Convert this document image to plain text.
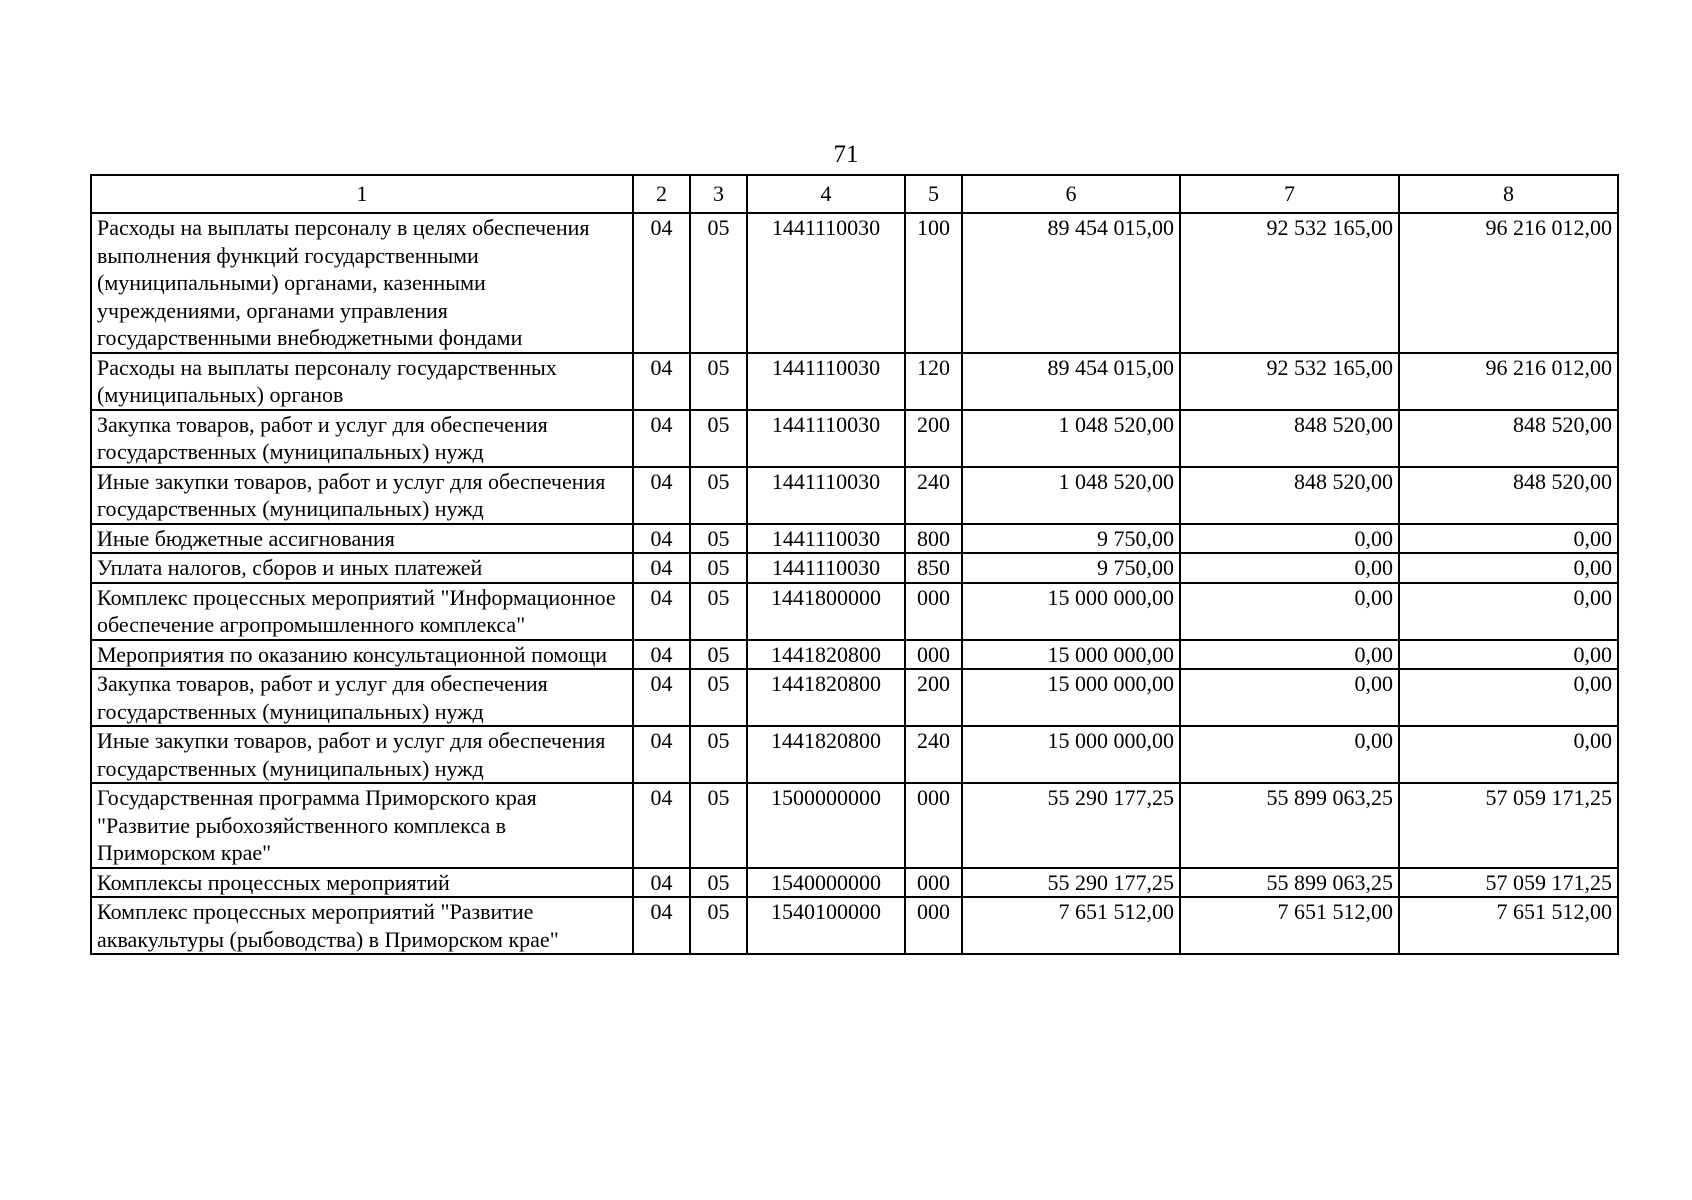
71
1	2	3	4	5	6	7	8
Расходы на выплаты персоналу в целях обеспечения выполнения функций государственными (муниципальными) органами, казенными учреждениями, органами управления государственными внебюджетными фондами	04	05	1441110030	100	89 454 015,00	92 532 165,00	96 216 012,00
Расходы на выплаты персоналу государственных (муниципальных) органов	04	05	1441110030	120	89 454 015,00	92 532 165,00	96 216 012,00
Закупка товаров, работ и услуг для обеспечения государственных (муниципальных) нужд	04	05	1441110030	200	1 048 520,00	848 520,00	848 520,00
Иные закупки товаров, работ и услуг для обеспечения государственных (муниципальных) нужд	04	05	1441110030	240	1 048 520,00	848 520,00	848 520,00
Иные бюджетные ассигнования	04	05	1441110030	800	9 750,00	0,00	0,00
Уплата налогов, сборов и иных платежей	04	05	1441110030	850	9 750,00	0,00	0,00
Комплекс процессных мероприятий "Информационное обеспечение агропромышленного комплекса"	04	05	1441800000	000	15 000 000,00	0,00	0,00
Мероприятия по оказанию консультационной помощи	04	05	1441820800	000	15 000 000,00	0,00	0,00
Закупка товаров, работ и услуг для обеспечения государственных (муниципальных) нужд	04	05	1441820800	200	15 000 000,00	0,00	0,00
Иные закупки товаров, работ и услуг для обеспечения государственных (муниципальных) нужд	04	05	1441820800	240	15 000 000,00	0,00	0,00
Государственная программа Приморского края "Развитие рыбохозяйственного комплекса в Приморском крае"	04	05	1500000000	000	55 290 177,25	55 899 063,25	57 059 171,25
Комплексы процессных мероприятий	04	05	1540000000	000	55 290 177,25	55 899 063,25	57 059 171,25
Комплекс процессных мероприятий "Развитие аквакультуры (рыбоводства) в Приморском крае"	04	05	1540100000	000	7 651 512,00	7 651 512,00	7 651 512,00
